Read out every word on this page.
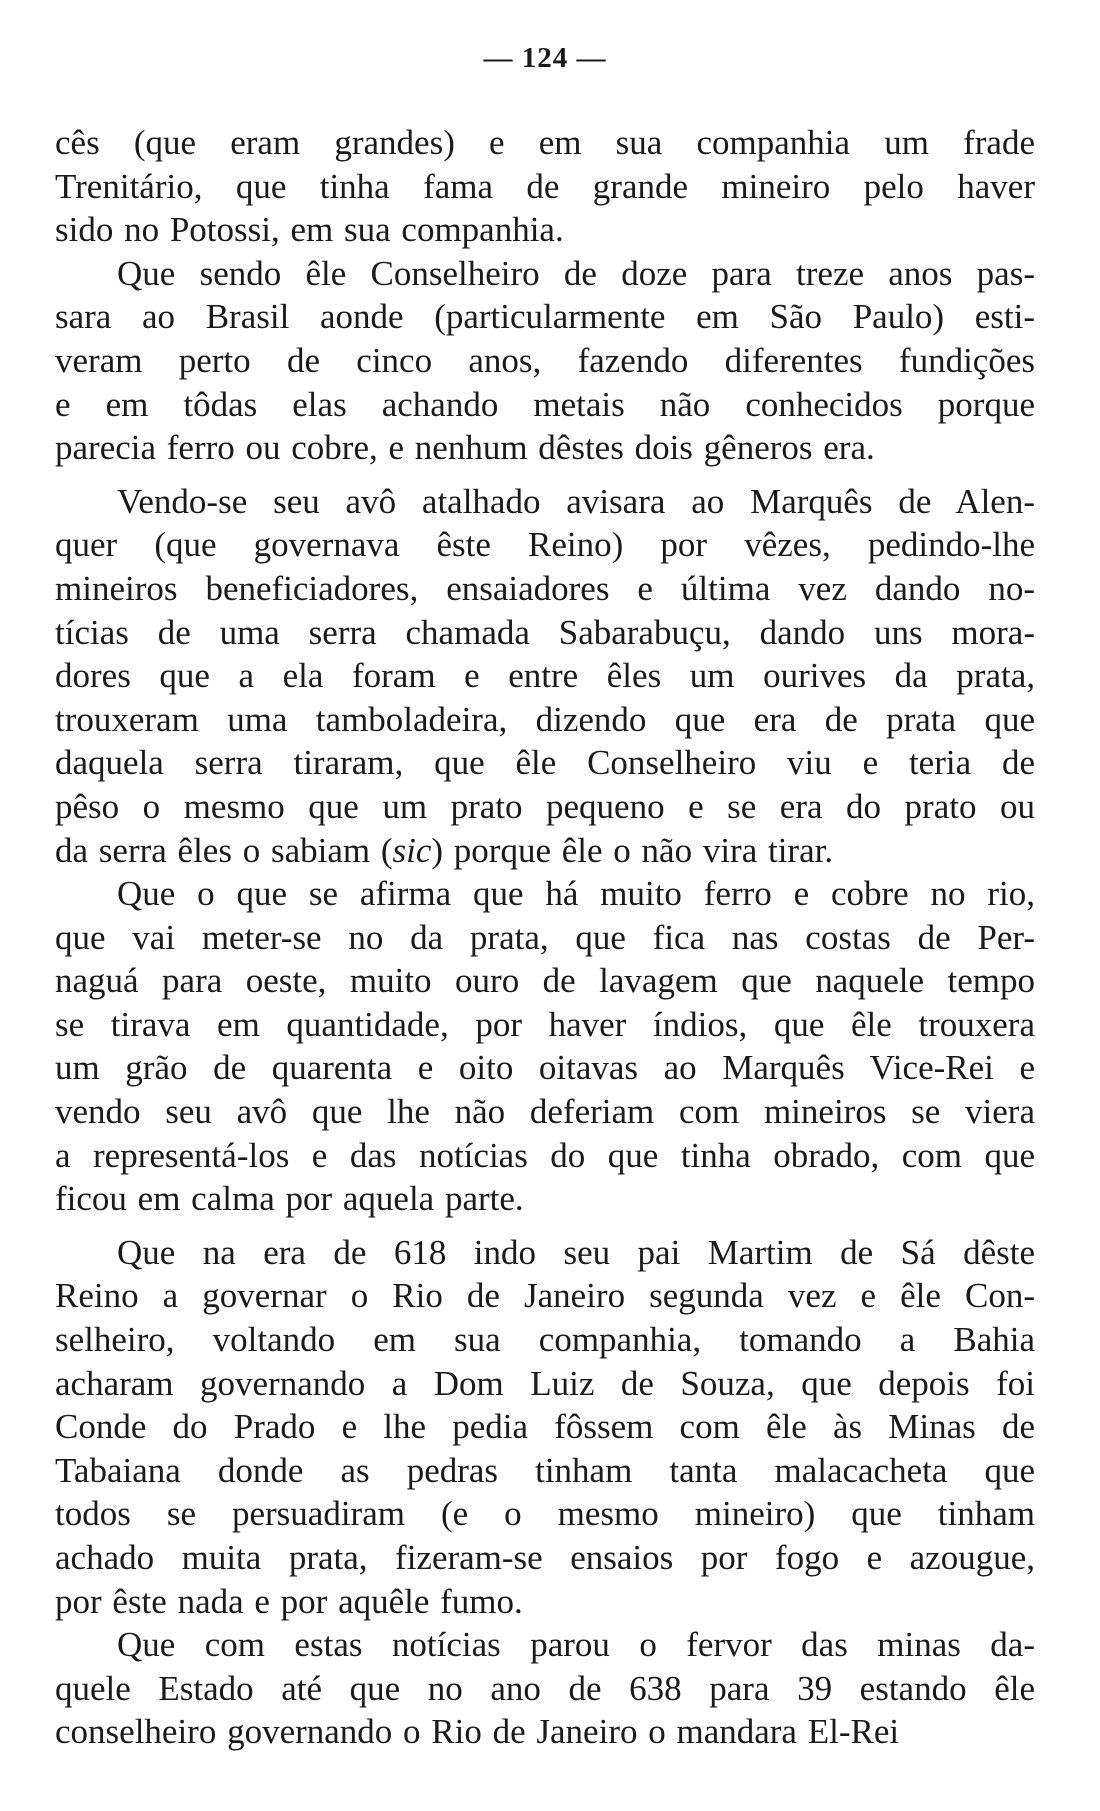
— 124 —

cês (que eram grandes) e em sua companhia um frade
Trenitário, que tinha fama de grande mineiro pelo haver
sido no Potossi, em sua companhia.

Que sendo êle Conselheiro de doze para treze anos pas-
sara ao Brasil aonde (particularmente em São Paulo) esti-
veram perto de cinco anos, fazendo diferentes fundições
e em tôdas elas achando metais não conhecidos porque
parecia ferro ou cobre, e nenhum dêstes dois gêneros era.

Vendo-se seu avô atalhado avisara ao Marquês de Alen-
quer (que governava êste Reino) por vêzes, pedindo-lhe
mineiros beneficiadores, ensaiadores e última vez dando no-
tícias de uma serra chamada Sabarabuçu, dando uns mora-
dores que a ela foram e entre êles um ourives da prata,
trouxeram uma tamboladeira, dizendo que era de prata que
daquela serra tiraram, que êle Conselheiro viu e teria de
pêso o mesmo que um prato pequeno e se era do prato ou
da serra êles o sabiam (sic) porque êle o não vira tirar.

Que o que se afirma que há muito ferro e cobre no rio,
que vai meter-se no da prata, que fica nas costas de Per-
naguá para oeste, muito ouro de lavagem que naquele tempo
se tirava em quantidade, por haver índios, que êle trouxera
um grão de quarenta e oito oitavas ao Marquês Vice-Rei e
vendo seu avô que lhe não deferiam com mineiros se viera
a representá-los e das notícias do que tinha obrado, com que
ficou em calma por aquela parte.

Que na era de 618 indo seu pai Martim de Sá dêste
Reino a governar o Rio de Janeiro segunda vez e êle Con-
selheiro, voltando em sua companhia, tomando a Bahia
acharam governando a Dom Luiz de Souza, que depois foi
Conde do Prado e lhe pedia fôssem com êle às Minas de
Tabaiana donde as pedras tinham tanta malacacheta que
todos se persuadiram (e o mesmo mineiro) que tinham
achado muita prata, fizeram-se ensaios por fogo e azougue,
por êste nada e por aquêle fumo.

Que com estas notícias parou o fervor das minas da-
quele Estado até que no ano de 638 para 39 estando êle
conselheiro governando o Rio de Janeiro o mandara El-Rei
